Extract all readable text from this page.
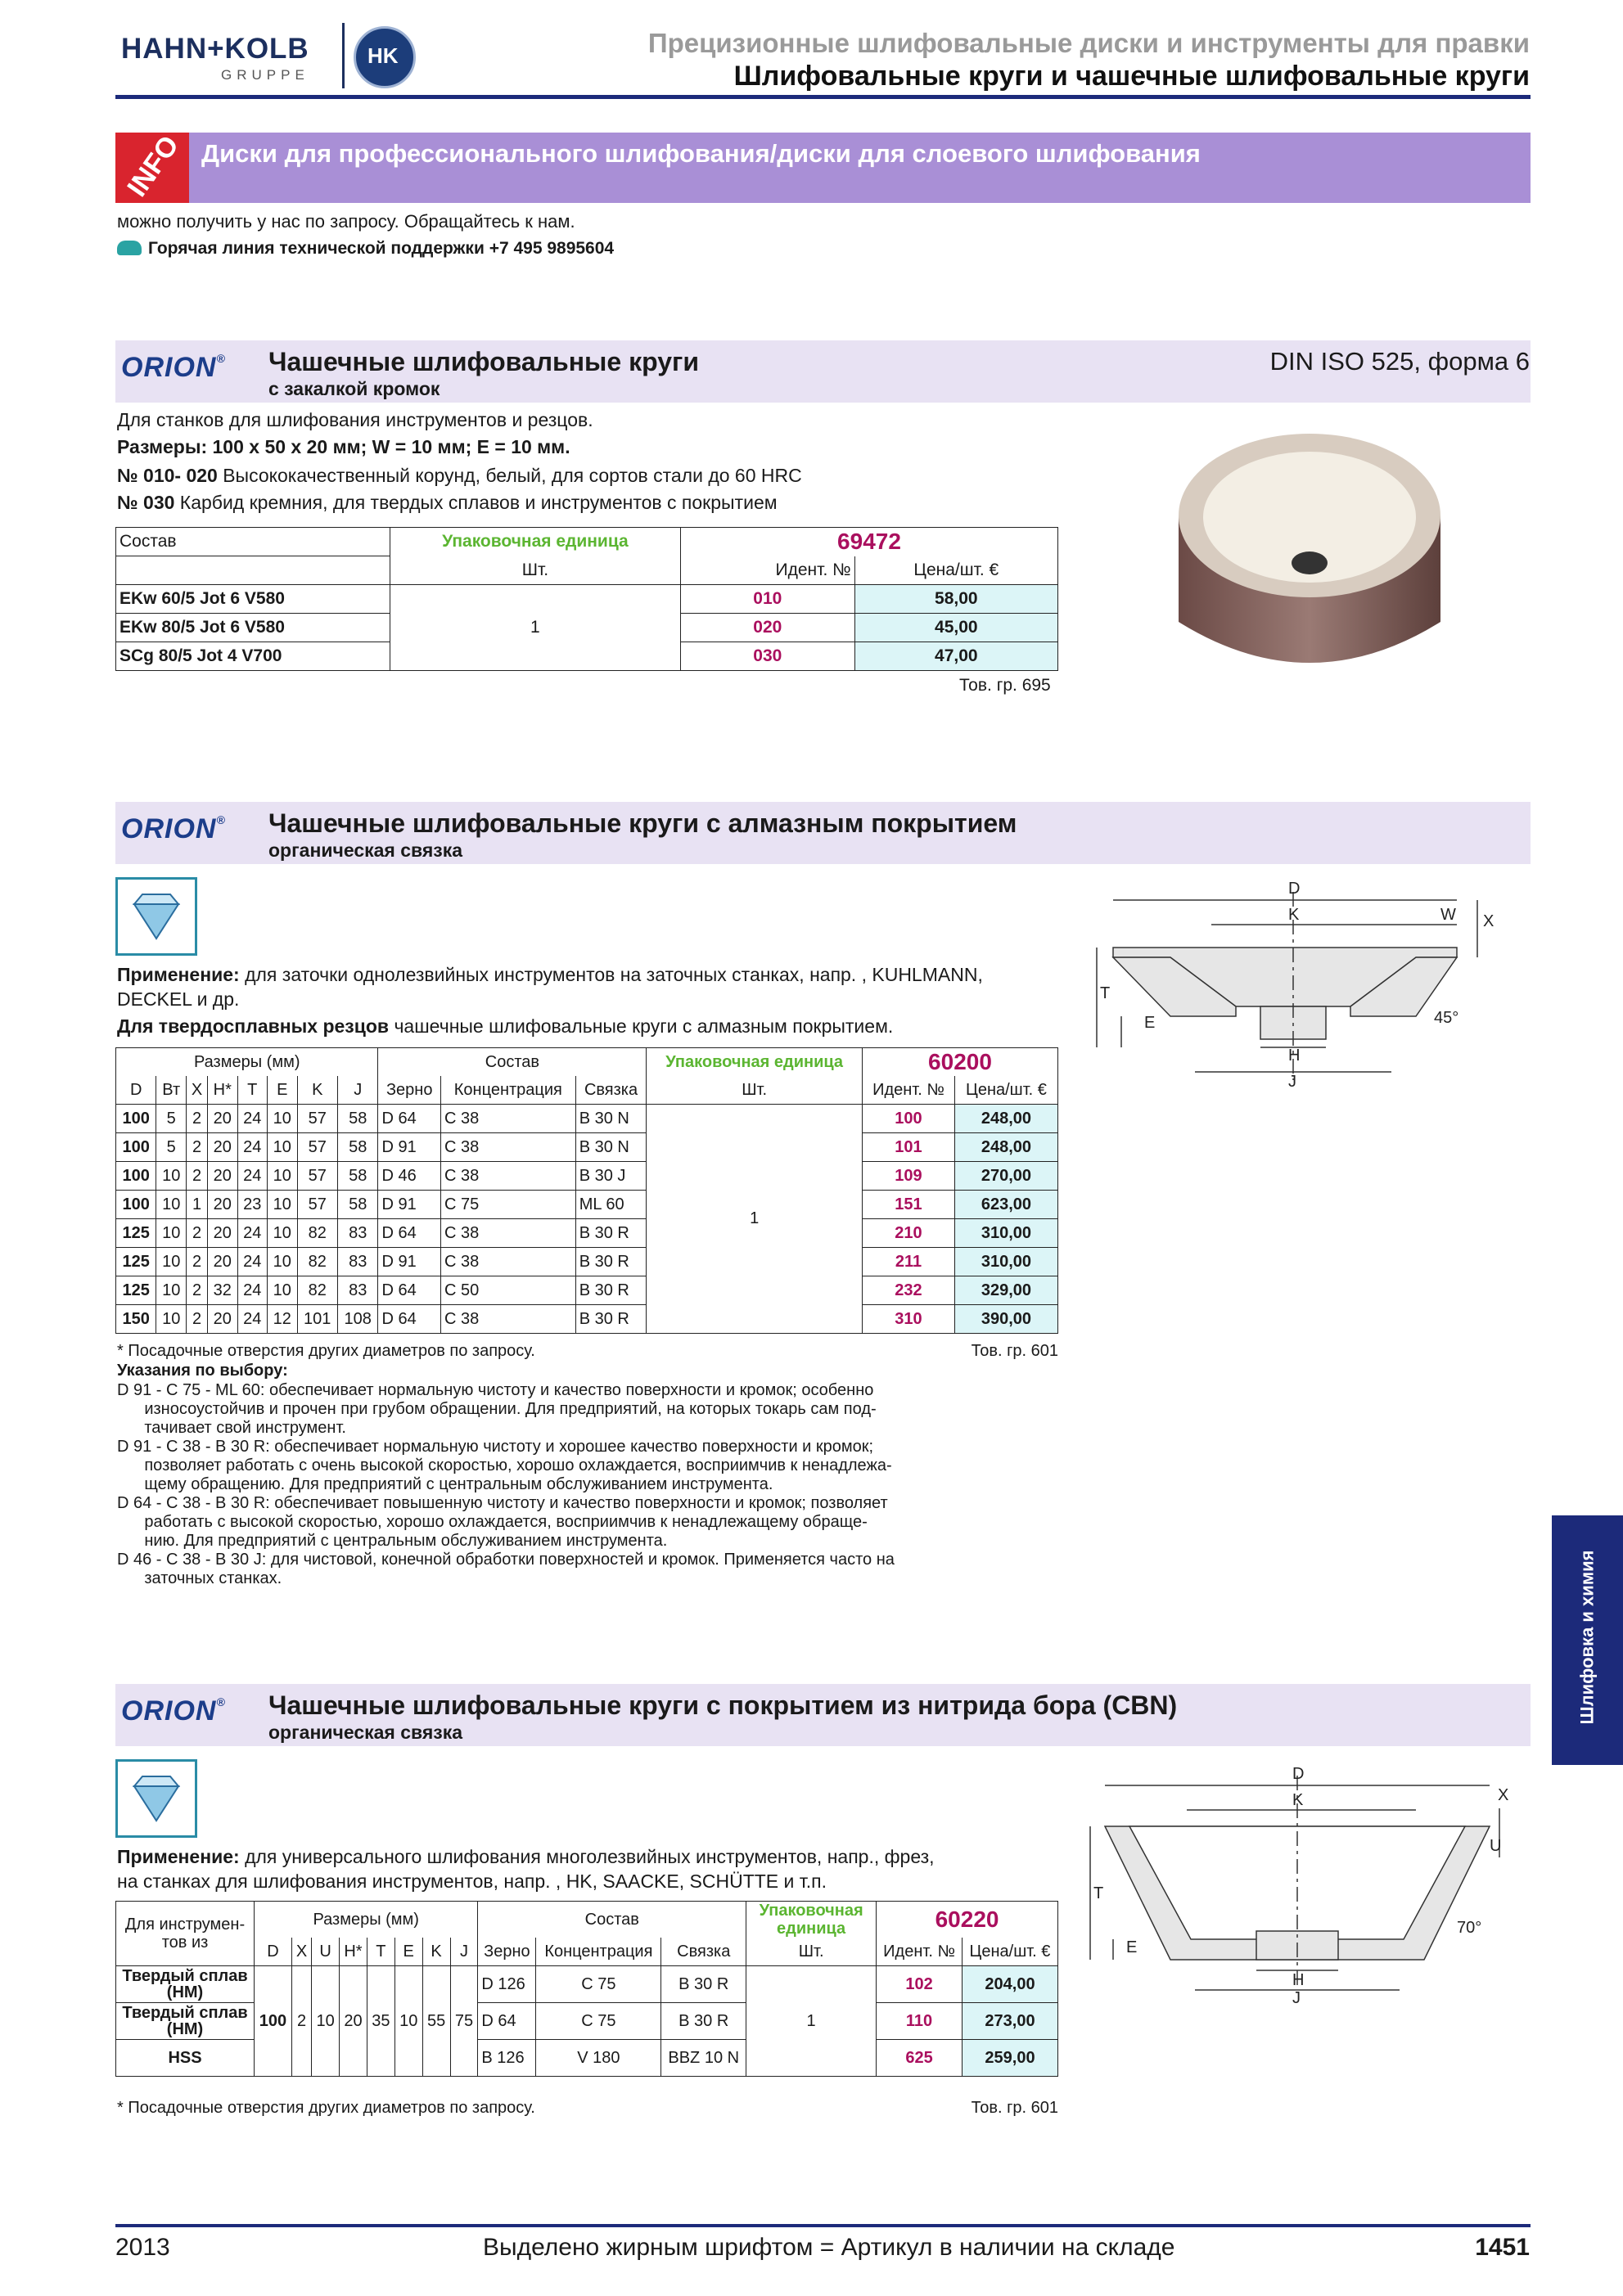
HAHN+KOLB
GRUPPE
HK	Прецизионные шлифовальные диски и инструменты для правки
Шлифовальные круги и чашечные шлифовальные круги
INFO Диски для профессионального шлифования/диски для слоевого шлифования
можно получить у нас по запросу. Обращайтесь к нам.
Горячая линия технической поддержки +7 495 9895604
ORION® Чашечные шлифовальные круги
с закалкой кромок
DIN ISO 525, форма 6
Для станков для шлифования инструментов и резцов.
Размеры: 100 x 50 x 20 мм; W = 10 мм; E = 10 мм.
№ 010- 020 Высококачественный корунд, белый, для сортов стали до 60 HRC
№ 030 Карбид кремния, для твердых сплавов и инструментов с покрытием
Состав	Упаковочная единица	69472	
	Шт.	Идент. №	Цена/шт. €
EKw 60/5 Jot 6 V580	1	010	58,00
EKw 80/5 Jot 6 V580		020	45,00
SCg 80/5 Jot 4 V700		030	47,00
Тов. гр. 695
ORION® Чашечные шлифовальные круги с алмазным покрытием
органическая связка
Применение: для заточки однолезвийных инструментов на заточных станках, напр. , KUHLMANN,
DECKEL и др.
Для твердосплавных резцов чашечные шлифовальные круги с алмазным покрытием.
D
K	W X
T
E
H
J
45°
Размеры (мм)								Состав			Упаковочная единица	60200	
D	Вт	X	H*	T	E	K	J	Зерно	Концентрация	Связка	Шт.	Идент. №	Цена/шт. €
100	5	2	20	24	10	57	58	D 64	C 38	B 30 N	1	100	248,00
100	5	2	20	24	10	57	58	D 91	C 38	B 30 N		101	248,00
100	10	2	20	24	10	57	58	D 46	C 38	B 30 J		109	270,00
100	10	1	20	23	10	57	58	D 91	C 75	ML 60		151	623,00
125	10	2	20	24	10	82	83	D 64	C 38	B 30 R		210	310,00
125	10	2	20	24	10	82	83	D 91	C 38	B 30 R		211	310,00
125	10	2	32	24	10	82	83	D 64	C 50	B 30 R		232	329,00
150	10	2	20	24	12	101	108	D 64	C 38	B 30 R		310	390,00
* Посадочные отверстия других диаметров по запросу.	Тов. гр. 601
Указания по выбору:
D 91 - C 75 - ML 60: обеспечивает нормальную чистоту и качество поверхности и кромок; особенно
износоустойчив и прочен при грубом обращении. Для предприятий, на которых токарь сам под-
тачивает свой инструмент.
D 91 - C 38 - B 30 R: обеспечивает нормальную чистоту и хорошее качество поверхности и кромок;
позволяет работать с очень высокой скоростью, хорошо охлаждается, восприимчив к ненадлежа-
щему обращению. Для предприятий с центральным обслуживанием инструмента.
D 64 - C 38 - B 30 R: обеспечивает повышенную чистоту и качество поверхности и кромок; позволяет
работать с высокой скоростью, хорошо охлаждается, восприимчив к ненадлежащему обраще-
нию. Для предприятий с центральным обслуживанием инструмента.
D 46 - C 38 - B 30 J: для чистовой, конечной обработки поверхностей и кромок. Применяется часто на
заточных станках.	Шлифовка и химия
ORION® Чашечные шлифовальные круги с покрытием из нитрида бора (CBN)
органическая связка
Применение: для универсального шлифования многолезвийных инструментов, напр., фрез,
на станках для шлифования инструментов, напр. , HK, SAACKE, SCHÜTTE и т.п.
D
K	X
U
T
E
H
J
70°
Для инструмен-тов из	Размеры (мм)								Состав			Упаковочная единица	60220	
	D	X	U	H*	T	E	K	J	Зерно	Концентрация	Связка	Шт.	Идент. №	Цена/шт. €
Твердый сплав (HM)	100	2	10	20	35	10	55	75	D 126	C 75	B 30 R	1	102	204,00
Твердый сплав (HM)									D 64	C 75	B 30 R		110	273,00
HSS									B 126	V 180	BBZ 10 N		625	259,00
* Посадочные отверстия других диаметров по запросу.	Тов. гр. 601
2013	Выделено жирным шрифтом = Артикул в наличии на складе	1451
